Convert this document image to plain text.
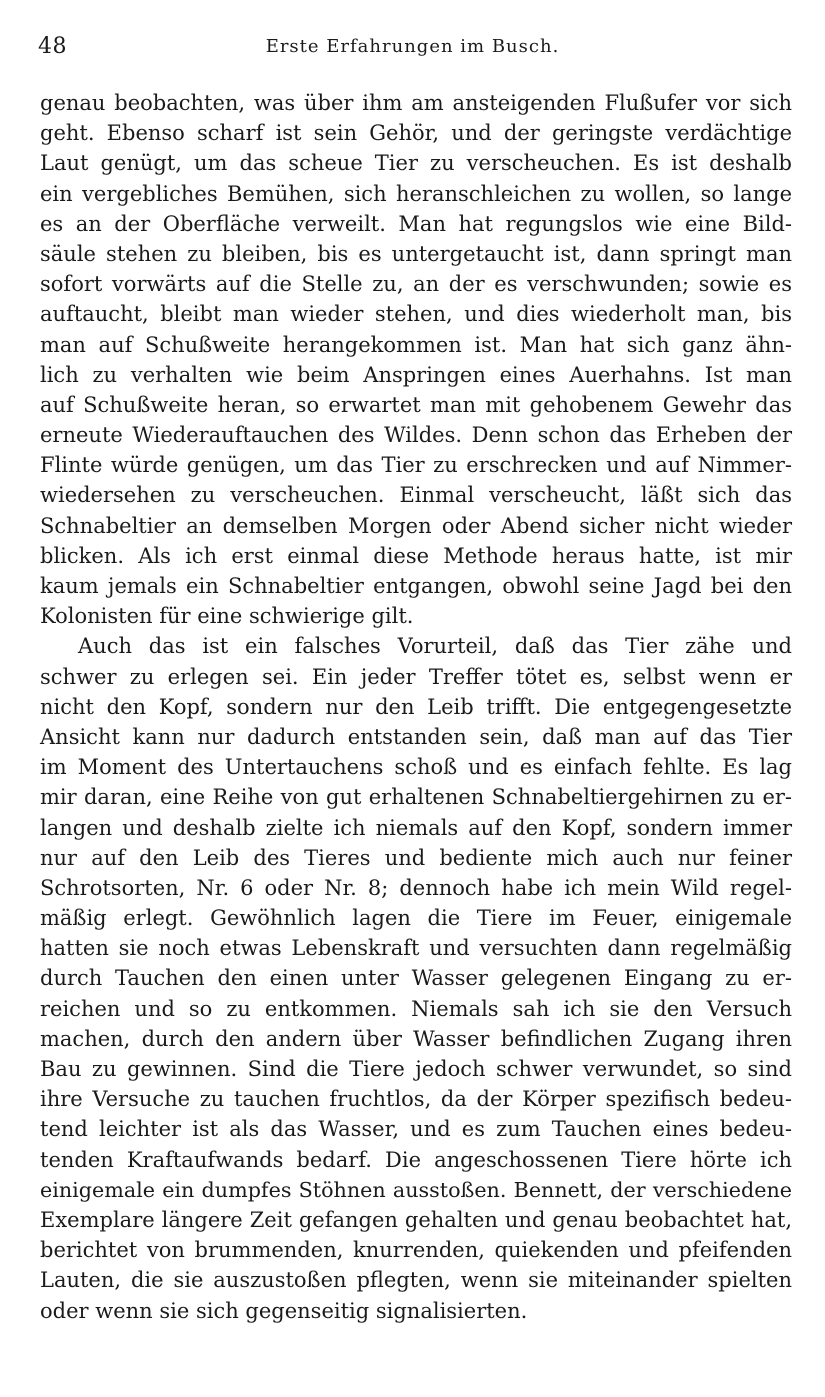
48	Erste Erfahrungen im Busch.
genau beobachten, was über ihm am ansteigenden Flußufer vor sich
geht. Ebenso scharf ist sein Gehör, und der geringste verdächtige
Laut genügt, um das scheue Tier zu verscheuchen. Es ist deshalb
ein vergebliches Bemühen, sich heranschleichen zu wollen, so lange
es an der Oberfläche verweilt. Man hat regungslos wie eine Bild-
säule stehen zu bleiben, bis es untergetaucht ist, dann springt man
sofort vorwärts auf die Stelle zu, an der es verschwunden; sowie es
auftaucht, bleibt man wieder stehen, und dies wiederholt man, bis
man auf Schußweite herangekommen ist. Man hat sich ganz ähn-
lich zu verhalten wie beim Anspringen eines Auerhahns. Ist man
auf Schußweite heran, so erwartet man mit gehobenem Gewehr das
erneute Wiederauftauchen des Wildes. Denn schon das Erheben der
Flinte würde genügen, um das Tier zu erschrecken und auf Nimmer-
wiedersehen zu verscheuchen. Einmal verscheucht, läßt sich das
Schnabeltier an demselben Morgen oder Abend sicher nicht wieder
blicken. Als ich erst einmal diese Methode heraus hatte, ist mir
kaum jemals ein Schnabeltier entgangen, obwohl seine Jagd bei den
Kolonisten für eine schwierige gilt.
Auch das ist ein falsches Vorurteil, daß das Tier zähe und
schwer zu erlegen sei. Ein jeder Treffer tötet es, selbst wenn er
nicht den Kopf, sondern nur den Leib trifft. Die entgegengesetzte
Ansicht kann nur dadurch entstanden sein, daß man auf das Tier
im Moment des Untertauchens schoß und es einfach fehlte. Es lag
mir daran, eine Reihe von gut erhaltenen Schnabeltiergehirnen zu er-
langen und deshalb zielte ich niemals auf den Kopf, sondern immer
nur auf den Leib des Tieres und bediente mich auch nur feiner
Schrotsorten, Nr. 6 oder Nr. 8; dennoch habe ich mein Wild regel-
mäßig erlegt. Gewöhnlich lagen die Tiere im Feuer, einigemale
hatten sie noch etwas Lebenskraft und versuchten dann regelmäßig
durch Tauchen den einen unter Wasser gelegenen Eingang zu er-
reichen und so zu entkommen. Niemals sah ich sie den Versuch
machen, durch den andern über Wasser befindlichen Zugang ihren
Bau zu gewinnen. Sind die Tiere jedoch schwer verwundet, so sind
ihre Versuche zu tauchen fruchtlos, da der Körper spezifisch bedeu-
tend leichter ist als das Wasser, und es zum Tauchen eines bedeu-
tenden Kraftaufwands bedarf. Die angeschossenen Tiere hörte ich
einigemale ein dumpfes Stöhnen ausstoßen. Bennett, der verschiedene
Exemplare längere Zeit gefangen gehalten und genau beobachtet hat,
berichtet von brummenden, knurrenden, quiekenden und pfeifenden
Lauten, die sie auszustoßen pflegten, wenn sie miteinander spielten
oder wenn sie sich gegenseitig signalisierten.
